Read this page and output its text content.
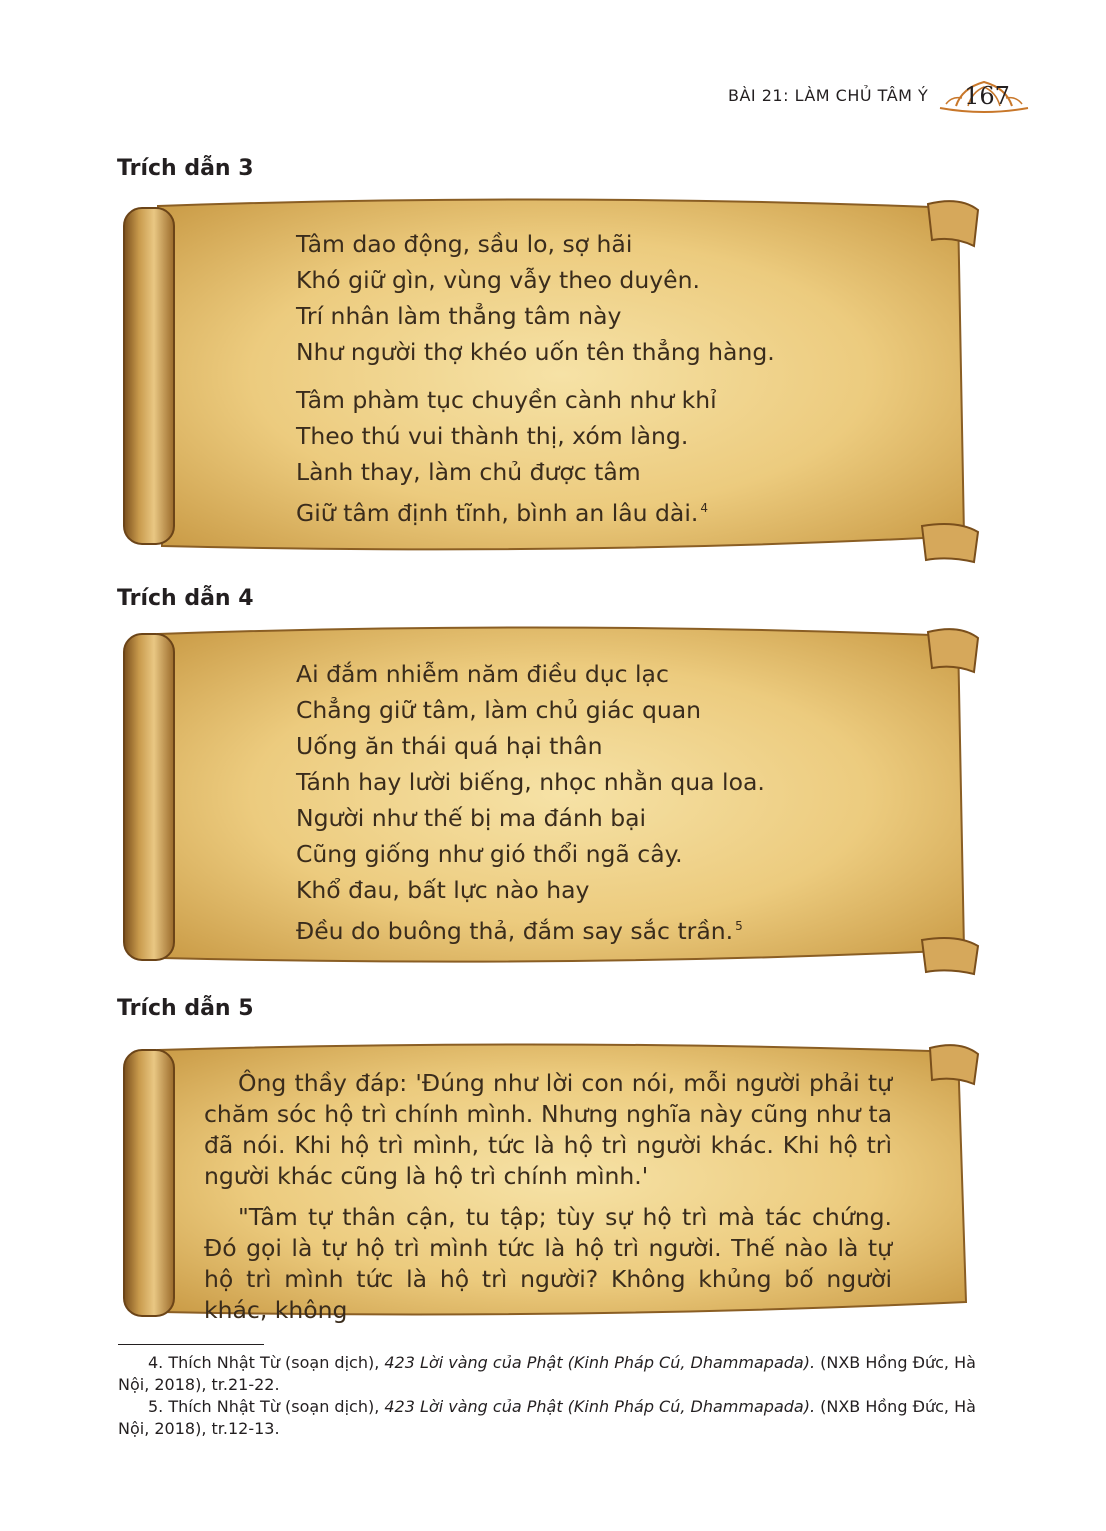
BÀI 21: LÀM CHỦ TÂM Ý 167
Trích dẫn 3
Tâm dao động, sầu lo, sợ hãi
Khó giữ gìn, vùng vẫy theo duyên.
Trí nhân làm thẳng tâm này
Như người thợ khéo uốn tên thẳng hàng.
Tâm phàm tục chuyền cành như khỉ
Theo thú vui thành thị, xóm làng.
Lành thay, làm chủ được tâm
Giữ tâm định tĩnh, bình an lâu dài. $^4$
Trích dẫn 4
Ai đắm nhiễm năm điều dục lạc
Chẳng giữ tâm, làm chủ giác quan
Uống ăn thái quá hại thân
Tánh hay lười biếng, nhọc nhằn qua loa.
Người như thế bị ma đánh bại
Cũng giống như gió thổi ngã cây.
Khổ đau, bất lực nào hay
Đều do buông thả, đắm say sắc trần. $^5$
Trích dẫn 5

Ông thầy đáp: 'Đúng như lời con nói, mỗi người phải tự chăm sóc hộ trì chính mình. Nhưng nghĩa này cũng như ta đã nói. Khi hộ trì mình, tức là hộ trì người khác. Khi hộ trì người khác cũng là hộ trì chính mình.'

"Tâm tự thân cận, tu tập; tùy sự hộ trì mà tác chứng. Đó gọi là tự hộ trì mình tức là hộ trì người. Thế nào là tự hộ trì mình tức là hộ trì người? Không khủng bố người khác, không

4. Thích Nhật Từ (soạn dịch), 423 Lời vàng của Phật (Kinh Pháp Cú, Dhammapada). (NXB Hồng Đức, Hà Nội, 2018), tr.21-22.

5. Thích Nhật Từ (soạn dịch), 423 Lời vàng của Phật (Kinh Pháp Cú, Dhammapada). (NXB Hồng Đức, Hà Nội, 2018), tr.12-13.
